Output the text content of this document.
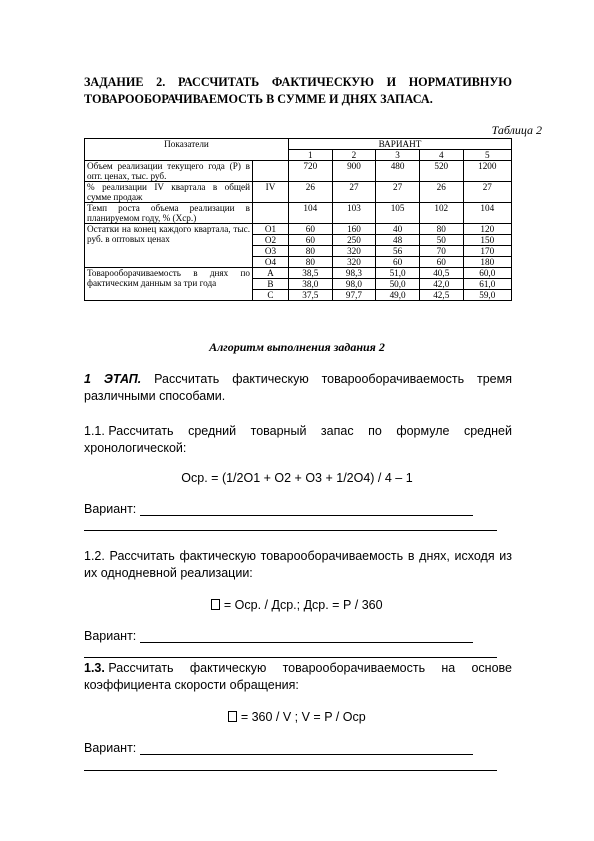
ЗАДАНИЕ 2. РАССЧИТАТЬ ФАКТИЧЕСКУЮ И НОРМАТИВНУЮ ТОВАРООБОРАЧИВАЕМОСТЬ В СУММЕ И ДНЯХ ЗАПАСА.
Таблица 2
Показатели		ВАРИАНТ				
		1	2	3	4	5
Объем реализации текущего года (Р) в опт. ценах, тыс. руб.		720	900	480	520	1200
% реализации IV квартала в общей сумме продаж	IV	26	27	27	26	27
Темп роста объема реализации в планируемом году, % (Хср.)		104	103	105	102	104
Остатки на конец каждого квартала, тыс. руб. в оптовых ценах	О1	60	160	40	80	120
	О2	60	250	48	50	150
	О3	80	320	56	70	170
	О4	80	320	60	60	180
Товарооборачиваемость в днях по фактическим данным за три года	А	38,5	98,3	51,0	40,5	60,0
	В	38,0	98,0	50,0	42,0	61,0
	С	37,5	97,7	49,0	42,5	59,0
Алгоритм выполнения задания 2
1 ЭТАП. Рассчитать фактическую товарооборачиваемость тремя различными способами.
1.1. Рассчитать средний товарный запас по формуле средней
хронологической:
Оср. = (1/2О1 + О2 + О3 + 1/2О4) / 4 – 1
Вариант:
1.2. Рассчитать фактическую товарооборачиваемость в днях, исходя из их однодневной реализации:
= Оср. / Дср.; Дср. = Р / 360
Вариант:
1.3. Рассчитать фактическую товарооборачиваемость на основе
коэффициента скорости обращения:
= 360 / V ; V = P / Оср
Вариант:
